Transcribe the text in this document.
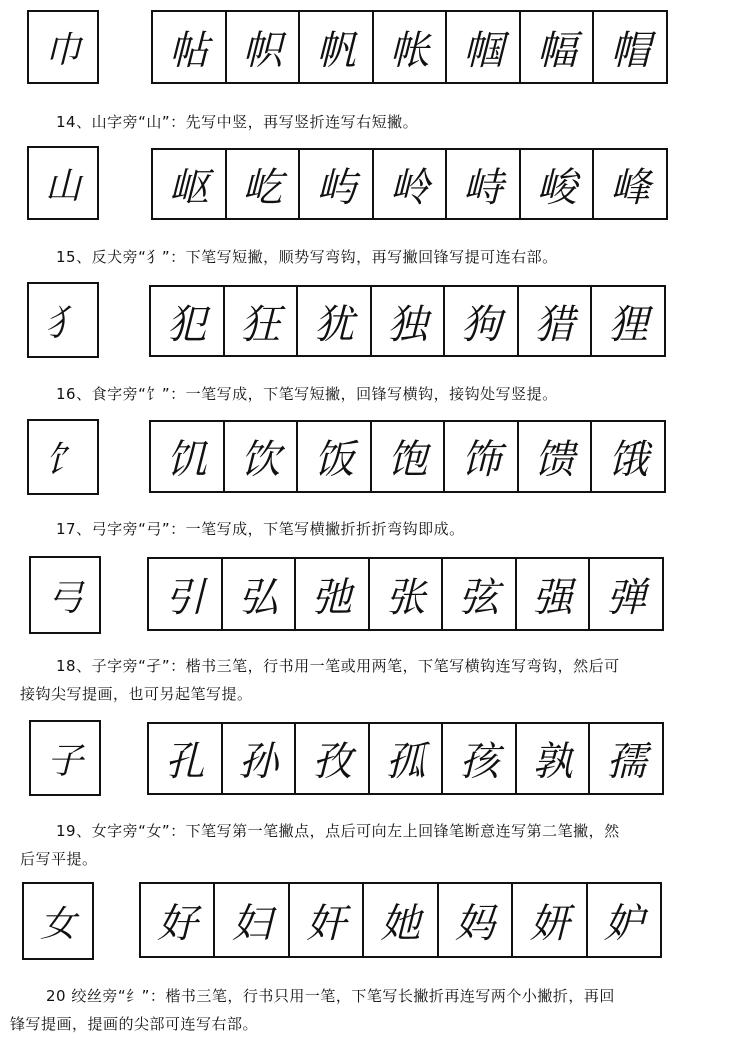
巾	帖 帜 帆 帐 帼 幅 帽
14、山字旁“山”：先写中竖，再写竖折连写右短撇。
山	岖 屹 屿 岭 峙 峻 峰
15、反犬旁“犭”：下笔写短撇，顺势写弯钩，再写撇回锋写提可连右部。
犭	犯 狂 犹 独 狗 猎 狸
16、食字旁“饣”：一笔写成，下笔写短撇，回锋写横钩，接钩处写竖提。
饣	饥 饮 饭 饱 饰 馈 饿
17、弓字旁“弓”：一笔写成，下笔写横撇折折折弯钩即成。
弓	引 弘 弛 张 弦 强 弹
18、子字旁“孑”：楷书三笔，行书用一笔或用两笔，下笔写横钩连写弯钩，然后可
接钩尖写提画，也可另起笔写提。
子	孔 孙 孜 孤 孩 孰 孺
19、女字旁“女”：下笔写第一笔撇点，点后可向左上回锋笔断意连写第二笔撇，然
后写平提。
女	好 妇 奸 她 妈 妍 妒
20 绞丝旁“纟”：楷书三笔，行书只用一笔，下笔写长撇折再连写两个小撇折，再回
锋写提画，提画的尖部可连写右部。
